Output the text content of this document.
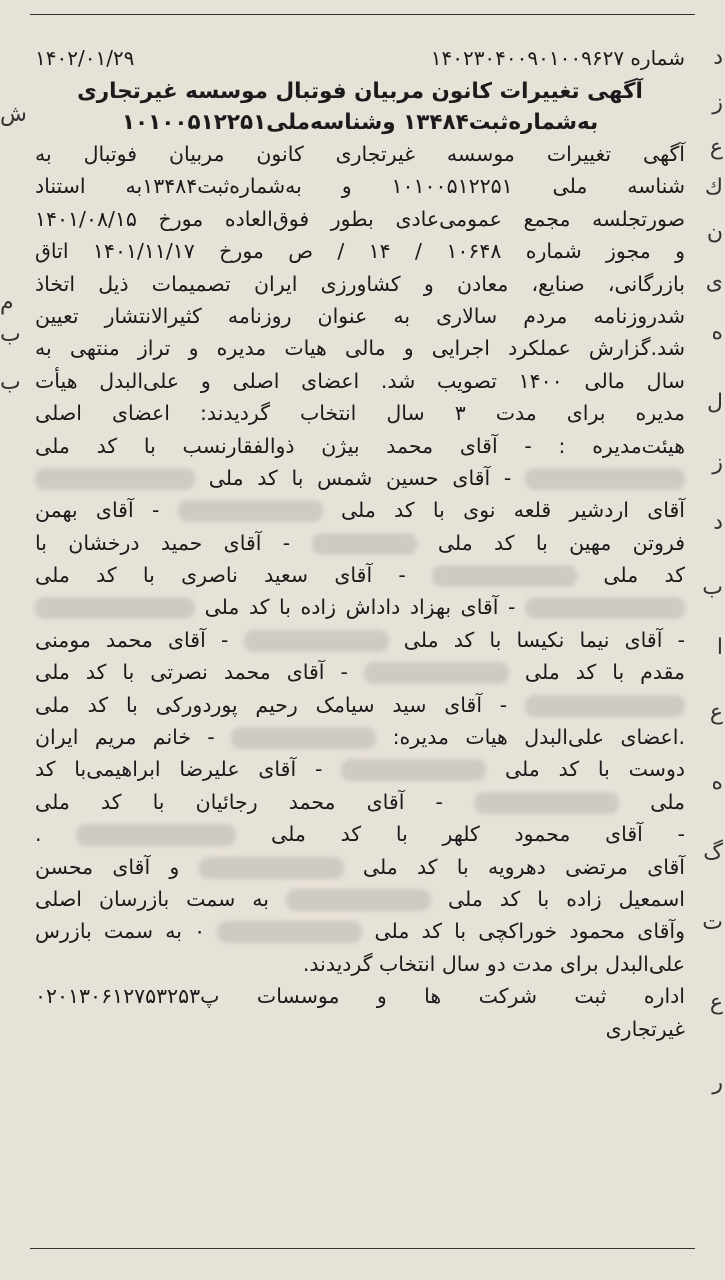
ش
م
ب
ب
د
ز
ع
ك
ن
ی
ه
ل
ز
د
ب
ا
ع
ه
گ
ت
ع
ر
شماره ۱۴۰۲۳۰۴۰۰۹۰۱۰۰۹۶۲۷
۱۴۰۲/۰۱/۲۹
آگهی تغییرات کانون مربیان فوتبال موسسه غیرتجاری
به‌شماره‌ثبت۱۳۴۸۴ وشناسه‌ملی۱۰۱۰۰۵۱۲۲۵۱
آگهی تغییرات موسسه غیرتجاری کانون مربیان فوتبال به
شناسه ملی ۱۰۱۰۰۵۱۲۲۵۱ و به‌شماره‌ثبت۱۳۴۸۴به استناد
صورتجلسه مجمع عمومی‌عادی بطور فوق‌العاده مورخ ۱۴۰۱/۰۸/۱۵
و مجوز شماره ۱۰۶۴۸ / ۱۴ / ص مورخ ۱۴۰۱/۱۱/۱۷ اتاق
بازرگانی، صنایع، معادن و کشاورزی ایران تصمیمات ذیل اتخاذ
شدروزنامه مردم سالاری به عنوان روزنامه کثیرالانتشار تعیین
شد.گزارش عملکرد اجرایی و مالی هیات مدیره و تراز منتهی به
سال مالی ۱۴۰۰ تصویب شد. اعضای اصلی و علی‌البدل هیأت
مدیره برای مدت ۳ سال انتخاب گردیدند: اعضای اصلی
هیئت‌مدیره : - آقای محمد بیژن ذوالفقارنسب با کد ملی
- آقای حسین شمس با کد ملی
آقای اردشیر قلعه نوی با کد ملی  - آقای بهمن
فروتن مهین با کد ملی  - آقای حمید درخشان با
کد ملی  - آقای سعید ناصری با کد ملی
- آقای بهزاد داداش زاده با کد ملی
- آقای نیما نکیسا با کد ملی  - آقای محمد مومنی
مقدم با کد ملی  - آقای محمد نصرتی با کد ملی
- آقای سید سیامک رحیم پوردورکی با کد ملی
.اعضای علی‌البدل هیات مدیره:  - خانم مریم ایران
دوست با کد ملی  - آقای علیرضا ابراهیمی‌با کد
ملی  - آقای محمد رجائیان با کد ملی
- آقای محمود کلهر با کد ملی  .
آقای مرتضی دهرویه با کد ملی  و آقای محسن
اسمعیل زاده با کد ملی  به سمت بازرسان اصلی
وآقای محمود خوراکچی با کد ملی  ۰ به سمت بازرس
علی‌البدل برای مدت دو سال انتخاب گردیدند.
اداره ثبت شرکت ها و موسسات پ۰۲۰۱۳۰۶۱۲۷۵۳۲۵۳
غیرتجاری
